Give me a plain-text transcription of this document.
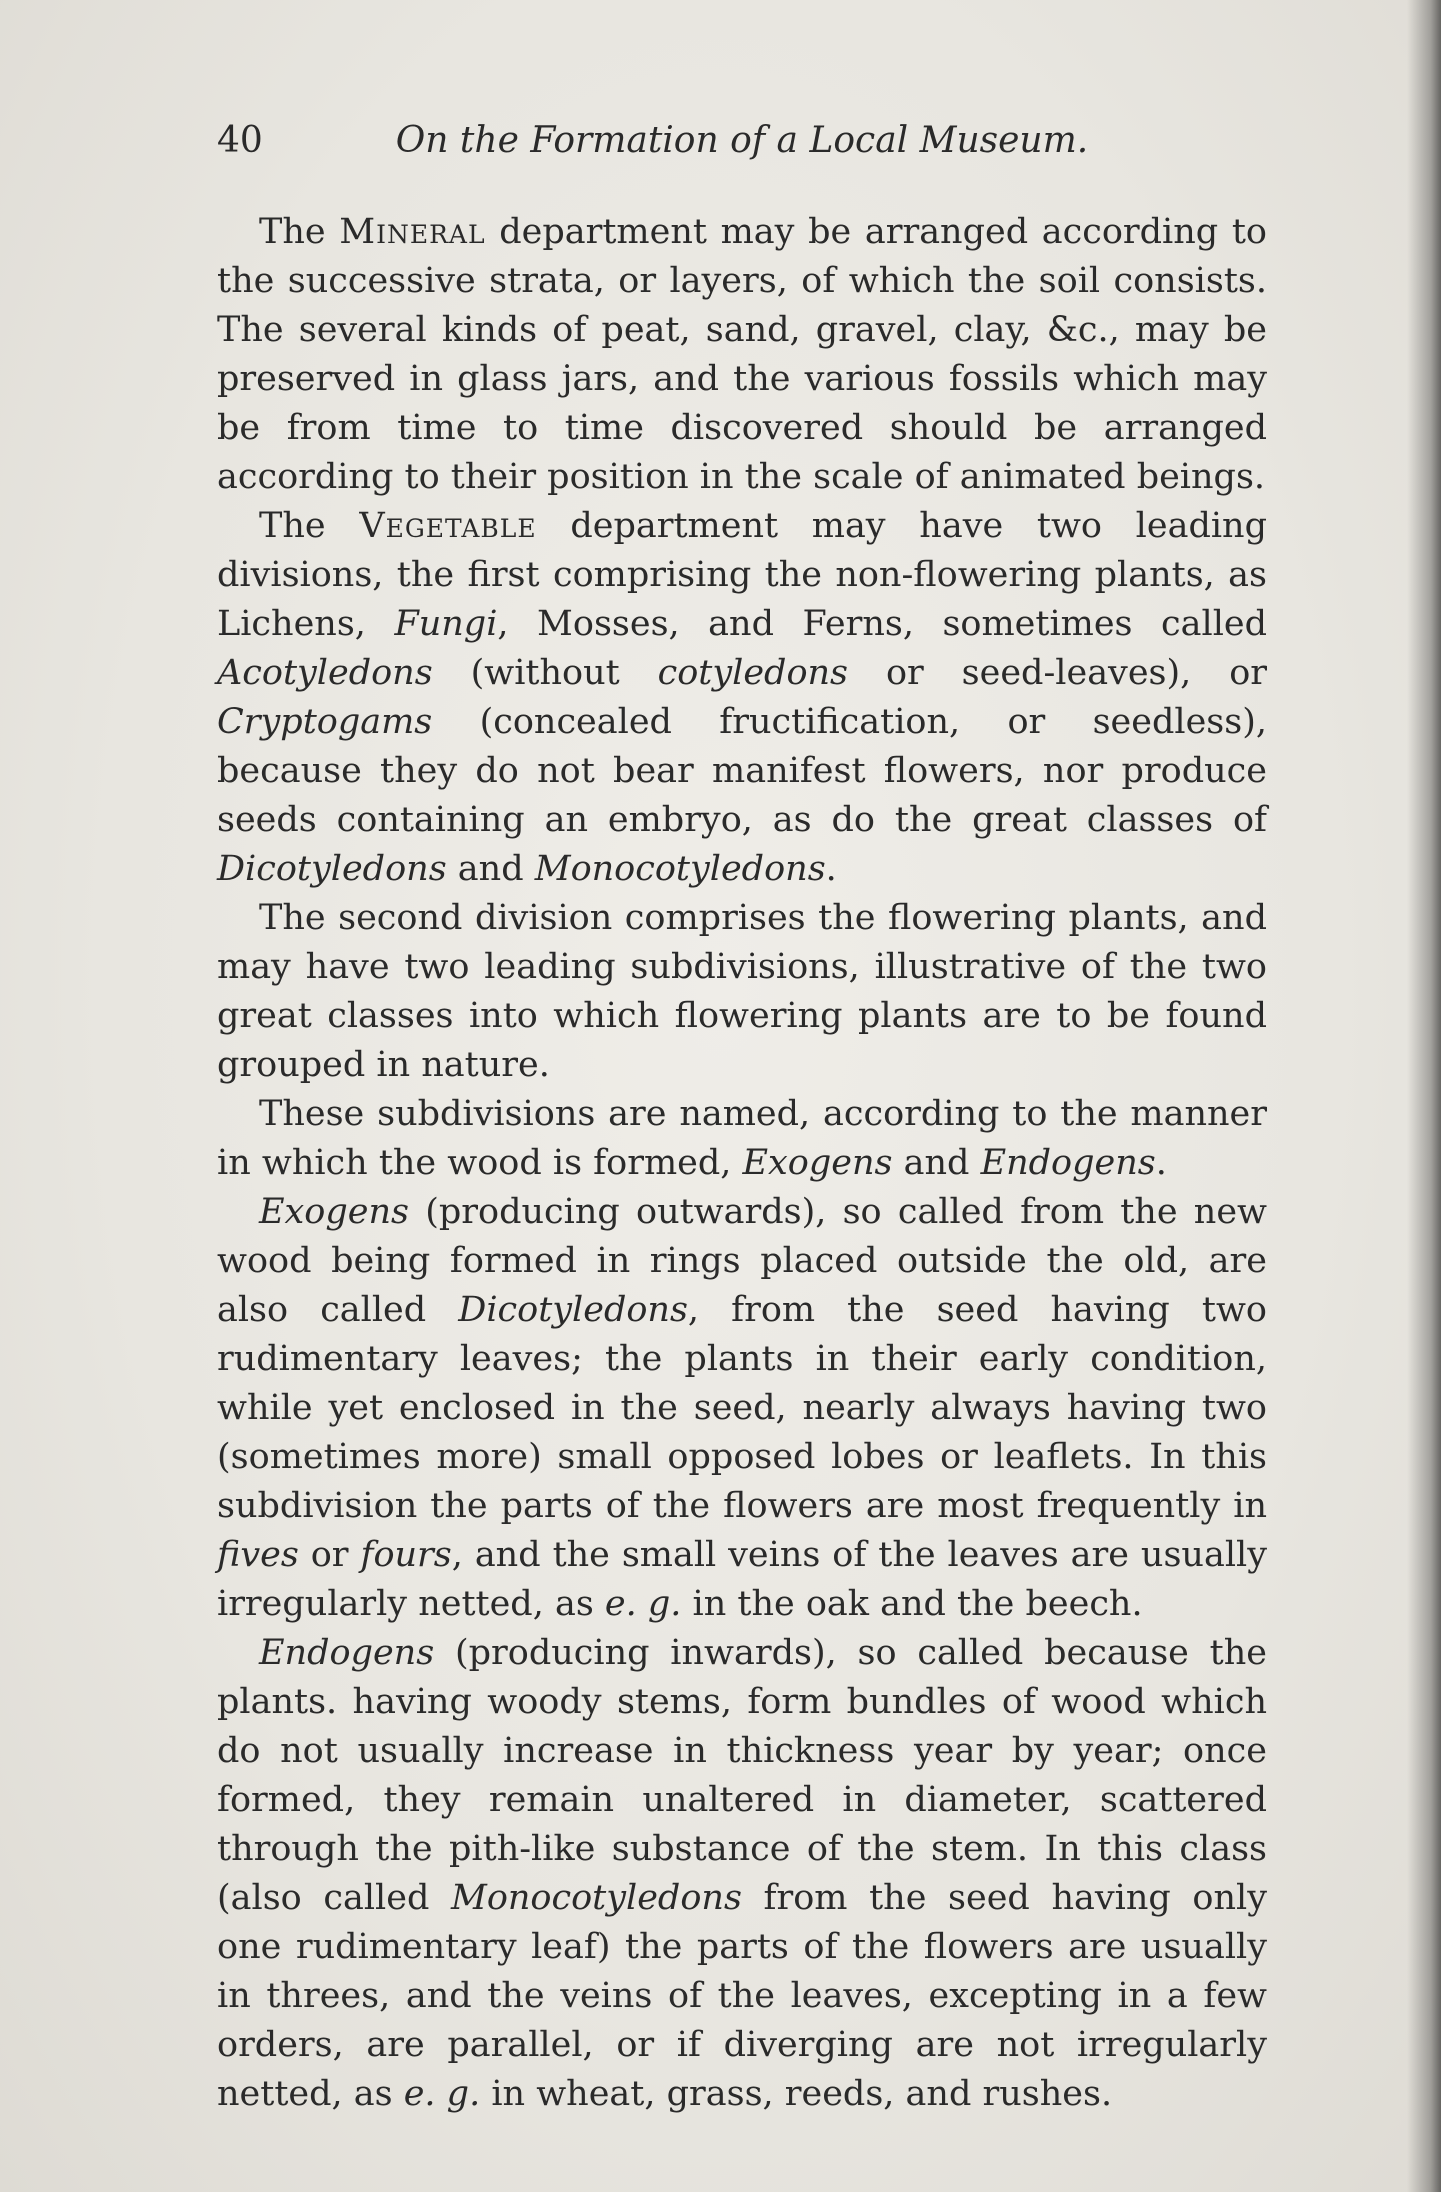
40	On the Formation of a Local Museum.

The Mineral department may be arranged according to the successive strata, or layers, of which the soil consists. The several kinds of peat, sand, gravel, clay, &c., may be preserved in glass jars, and the various fossils which may be from time to time discovered should be arranged according to their position in the scale of animated beings.

The Vegetable department may have two leading divisions, the first comprising the non-flowering plants, as Lichens, Fungi, Mosses, and Ferns, sometimes called Acotyledons (without cotyledons or seed-leaves), or Cryptogams (concealed fructification, or seedless), because they do not bear manifest flowers, nor produce seeds containing an embryo, as do the great classes of Dicotyledons and Monocotyledons.

The second division comprises the flowering plants, and may have two leading subdivisions, illustrative of the two great classes into which flowering plants are to be found grouped in nature.

These subdivisions are named, according to the manner in which the wood is formed, Exogens and Endogens.

Exogens (producing outwards), so called from the new wood being formed in rings placed outside the old, are also called Dicotyledons, from the seed having two rudimentary leaves; the plants in their early condition, while yet enclosed in the seed, nearly always having two (sometimes more) small opposed lobes or leaflets. In this subdivision the parts of the flowers are most frequently in fives or fours, and the small veins of the leaves are usually irregularly netted, as e. g. in the oak and the beech.

Endogens (producing inwards), so called because the plants. having woody stems, form bundles of wood which do not usually increase in thickness year by year; once formed, they remain unaltered in diameter, scattered through the pith-like substance of the stem. In this class (also called Monocotyledons from the seed having only one rudimentary leaf) the parts of the flowers are usually in threes, and the veins of the leaves, excepting in a few orders, are parallel, or if diverging are not irregularly netted, as e. g. in wheat, grass, reeds, and rushes.
